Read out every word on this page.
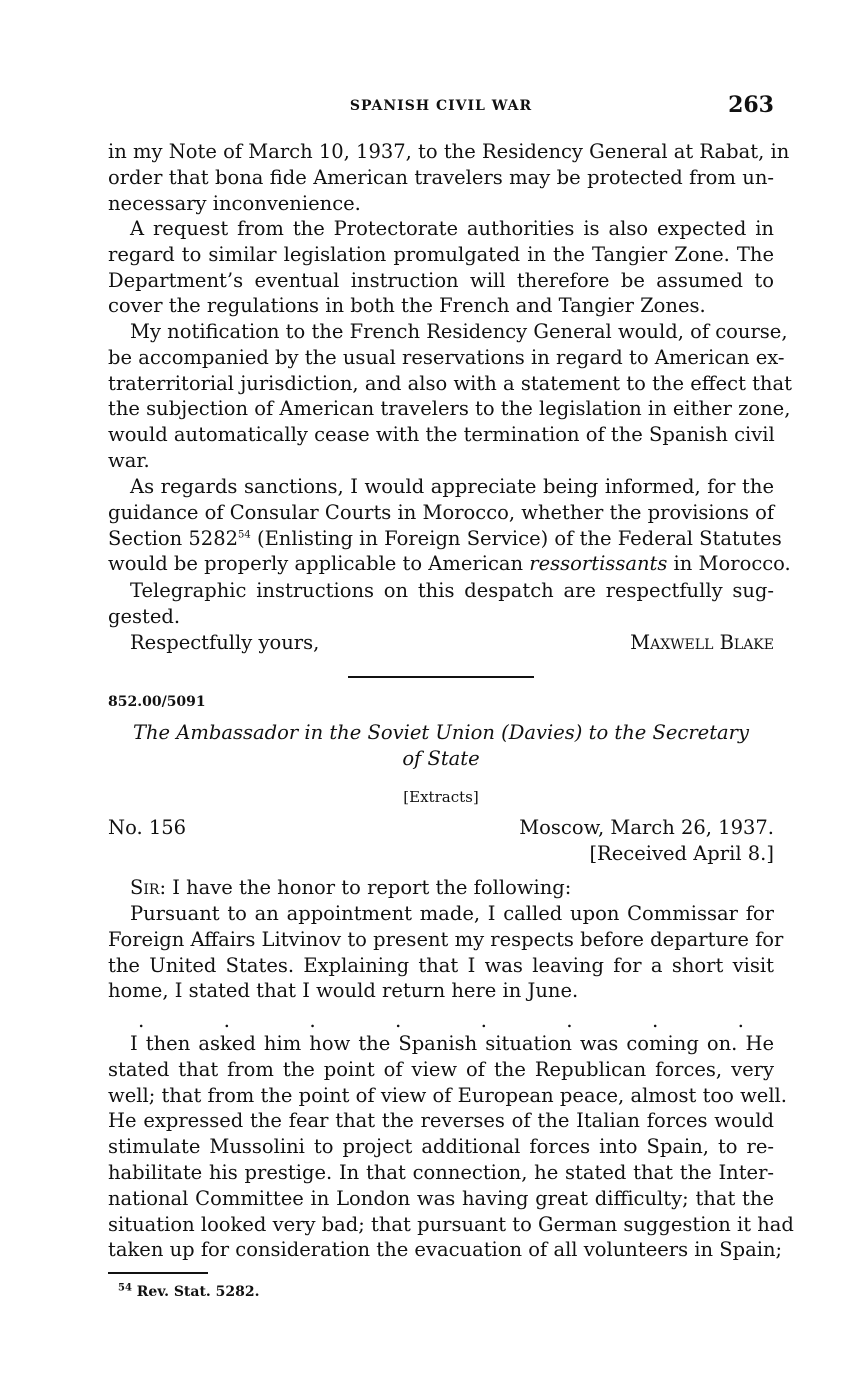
SPANISH CIVIL WAR	263
in my Note of March 10, 1937, to the Residency General at Rabat, in
order that bona fide American travelers may be protected from un-
necessary inconvenience.
A request from the Protectorate authorities is also expected in
regard to similar legislation promulgated in the Tangier Zone. The
Department’s eventual instruction will therefore be assumed to
cover the regulations in both the French and Tangier Zones.
My notification to the French Residency General would, of course,
be accompanied by the usual reservations in regard to American ex-
traterritorial jurisdiction, and also with a statement to the effect that
the subjection of American travelers to the legislation in either zone,
would automatically cease with the termination of the Spanish civil
war.
As regards sanctions, I would appreciate being informed, for the
guidance of Consular Courts in Morocco, whether the provisions of
Section 5282$^{54}$ (Enlisting in Foreign Service) of the Federal Statutes
would be properly applicable to American ressortissants in Morocco.
Telegraphic instructions on this despatch are respectfully sug-
gested.
Respectfully yours,	Maxwell Blake
852.00/5091
The Ambassador in the Soviet Union (Davies) to the Secretary
of State
[Extracts]
No. 156	Moscow, March 26, 1937.
[Received April 8.]
Sir: I have the honor to report the following:
Pursuant to an appointment made, I called upon Commissar for
Foreign Affairs Litvinov to present my respects before departure for
the United States. Explaining that I was leaving for a short visit
home, I stated that I would return here in June.
.	.	.	.	.	.	.	.
I then asked him how the Spanish situation was coming on. He
stated that from the point of view of the Republican forces, very
well; that from the point of view of European peace, almost too well.
He expressed the fear that the reverses of the Italian forces would
stimulate Mussolini to project additional forces into Spain, to re-
habilitate his prestige. In that connection, he stated that the Inter-
national Committee in London was having great difficulty; that the
situation looked very bad; that pursuant to German suggestion it had
taken up for consideration the evacuation of all volunteers in Spain;
$^{54}$ Rev. Stat. 5282.
